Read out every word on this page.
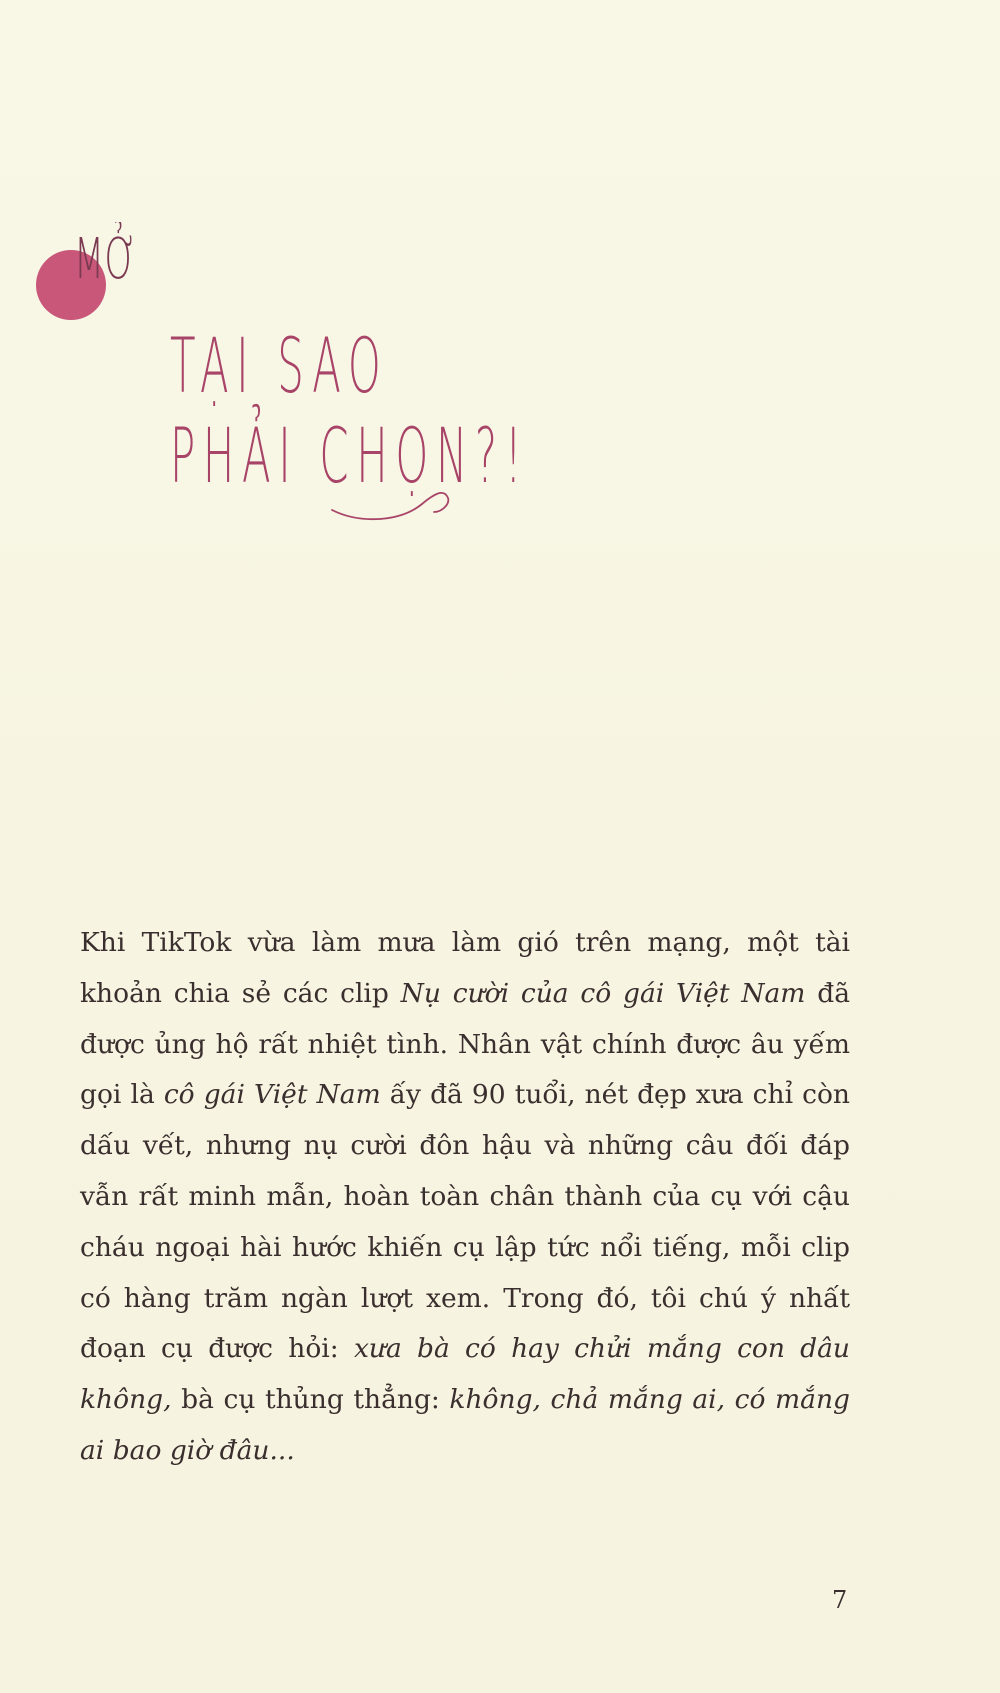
MỞ
TẠI SAO
PHẢI CHỌN?!

Khi TikTok vừa làm mưa làm gió trên mạng, một tài khoản chia sẻ các clip Nụ cười của cô gái Việt Nam đã được ủng hộ rất nhiệt tình. Nhân vật chính được âu yếm gọi là cô gái Việt Nam ấy đã 90 tuổi, nét đẹp xưa chỉ còn dấu vết, nhưng nụ cười đôn hậu và những câu đối đáp vẫn rất minh mẫn, hoàn toàn chân thành của cụ với cậu cháu ngoại hài hước khiến cụ lập tức nổi tiếng, mỗi clip có hàng trăm ngàn lượt xem. Trong đó, tôi chú ý nhất đoạn cụ được hỏi: xưa bà có hay chửi mắng con dâu không, bà cụ thủng thẳng: không, chả mắng ai, có mắng ai bao giờ đâu...

7
